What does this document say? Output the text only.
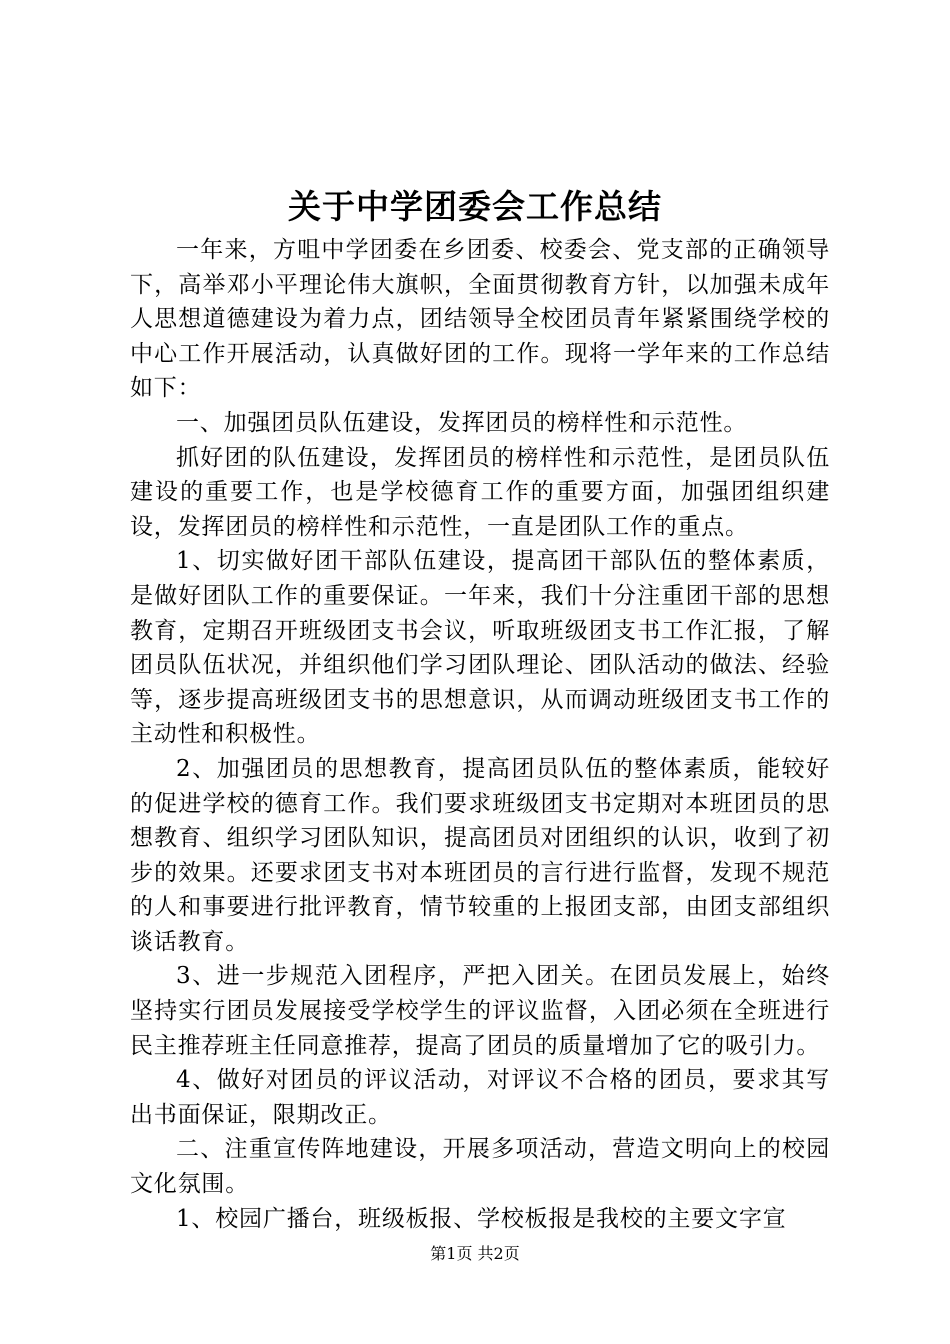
关于中学团委会工作总结

一年来，方咀中学团委在乡团委、校委会、党支部的正确领导下，高举邓小平理论伟大旗帜，全面贯彻教育方针，以加强未成年人思想道德建设为着力点，团结领导全校团员青年紧紧围绕学校的中心工作开展活动，认真做好团的工作。现将一学年来的工作总结如下：

一、加强团员队伍建设，发挥团员的榜样性和示范性。

抓好团的队伍建设，发挥团员的榜样性和示范性，是团员队伍建设的重要工作，也是学校德育工作的重要方面，加强团组织建设，发挥团员的榜样性和示范性，一直是团队工作的重点。

1、切实做好团干部队伍建设，提高团干部队伍的整体素质，是做好团队工作的重要保证。一年来，我们十分注重团干部的思想教育，定期召开班级团支书会议，听取班级团支书工作汇报，了解团员队伍状况，并组织他们学习团队理论、团队活动的做法、经验等，逐步提高班级团支书的思想意识，从而调动班级团支书工作的主动性和积极性。

2、加强团员的思想教育，提高团员队伍的整体素质，能较好的促进学校的德育工作。我们要求班级团支书定期对本班团员的思想教育、组织学习团队知识，提高团员对团组织的认识，收到了初步的效果。还要求团支书对本班团员的言行进行监督，发现不规范的人和事要进行批评教育，情节较重的上报团支部，由团支部组织谈话教育。

3、进一步规范入团程序，严把入团关。在团员发展上，始终坚持实行团员发展接受学校学生的评议监督，入团必须在全班进行民主推荐班主任同意推荐，提高了团员的质量增加了它的吸引力。

4、做好对团员的评议活动，对评议不合格的团员，要求其写出书面保证，限期改正。

二、注重宣传阵地建设，开展多项活动，营造文明向上的校园文化氛围。

1、校园广播台，班级板报、学校板报是我校的主要文字宣

第1页 共2页
